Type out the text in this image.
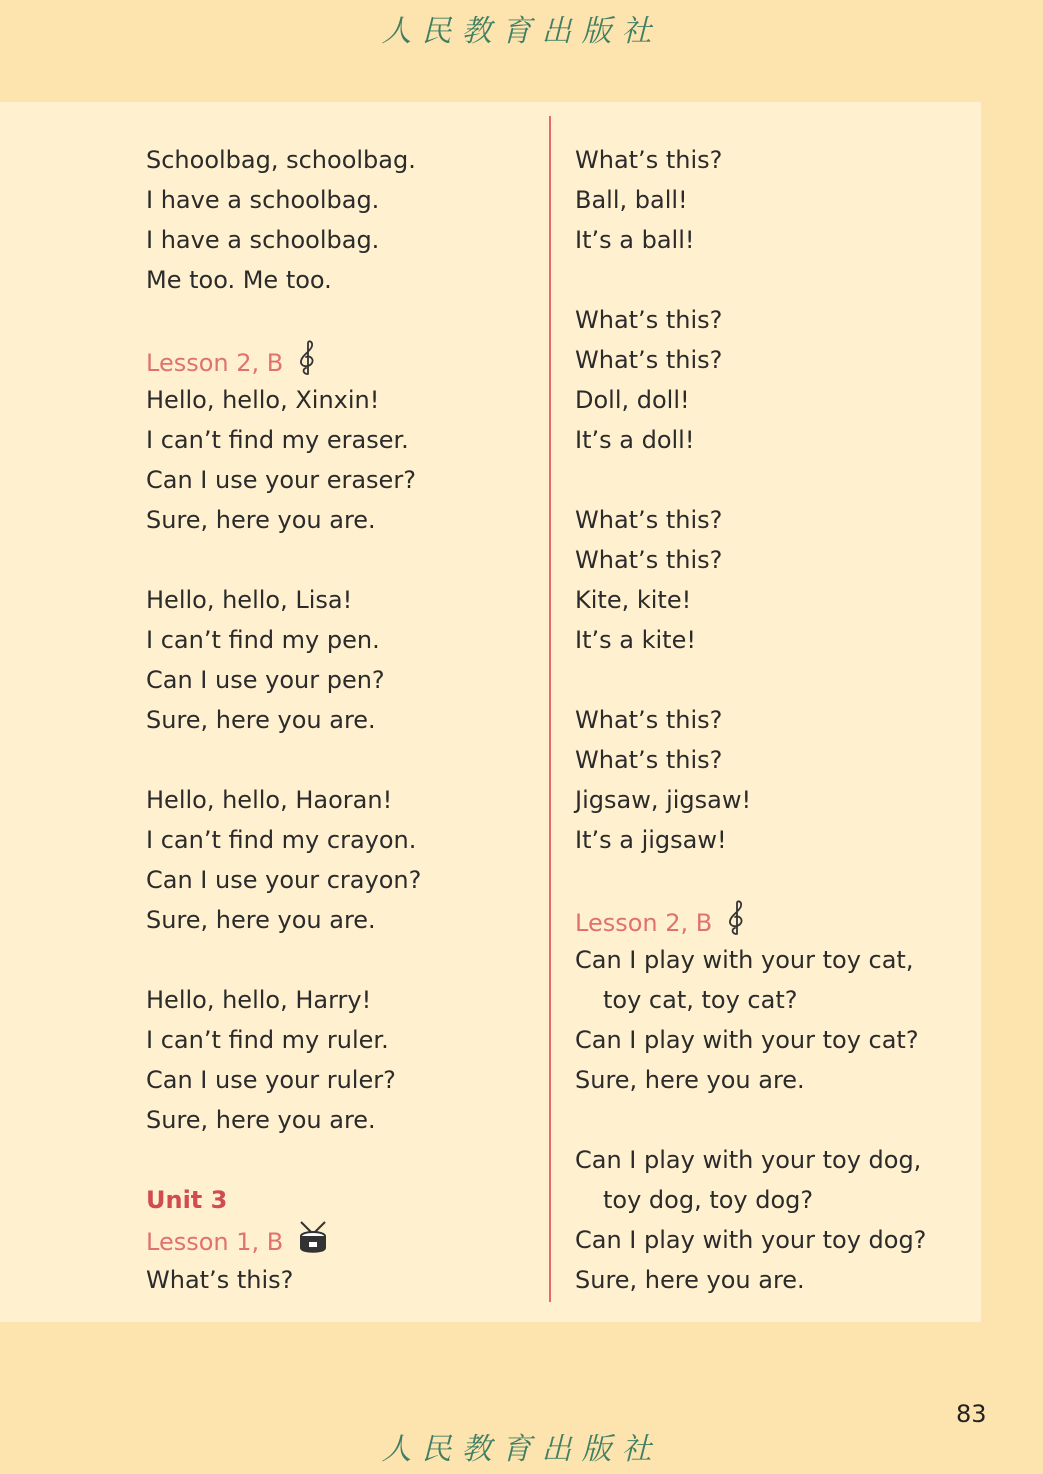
人民教育出版社
Schoolbag, schoolbag.
I have a schoolbag.
I have a schoolbag.
Me too. Me too.
Lesson 2, B
Hello, hello, Xinxin!
I can’t find my eraser.
Can I use your eraser?
Sure, here you are.
Hello, hello, Lisa!
I can’t find my pen.
Can I use your pen?
Sure, here you are.
Hello, hello, Haoran!
I can’t find my crayon.
Can I use your crayon?
Sure, here you are.
Hello, hello, Harry!
I can’t find my ruler.
Can I use your ruler?
Sure, here you are.
Unit 3
Lesson 1, B
What’s this?
What’s this?
Ball, ball!
It’s a ball!
What’s this?
What’s this?
Doll, doll!
It’s a doll!
What’s this?
What’s this?
Kite, kite!
It’s a kite!
What’s this?
What’s this?
Jigsaw, jigsaw!
It’s a jigsaw!
Lesson 2, B
Can I play with your toy cat,
toy cat, toy cat?
Can I play with your toy cat?
Sure, here you are.
Can I play with your toy dog,
toy dog, toy dog?
Can I play with your toy dog?
Sure, here you are.
83
人民教育出版社
